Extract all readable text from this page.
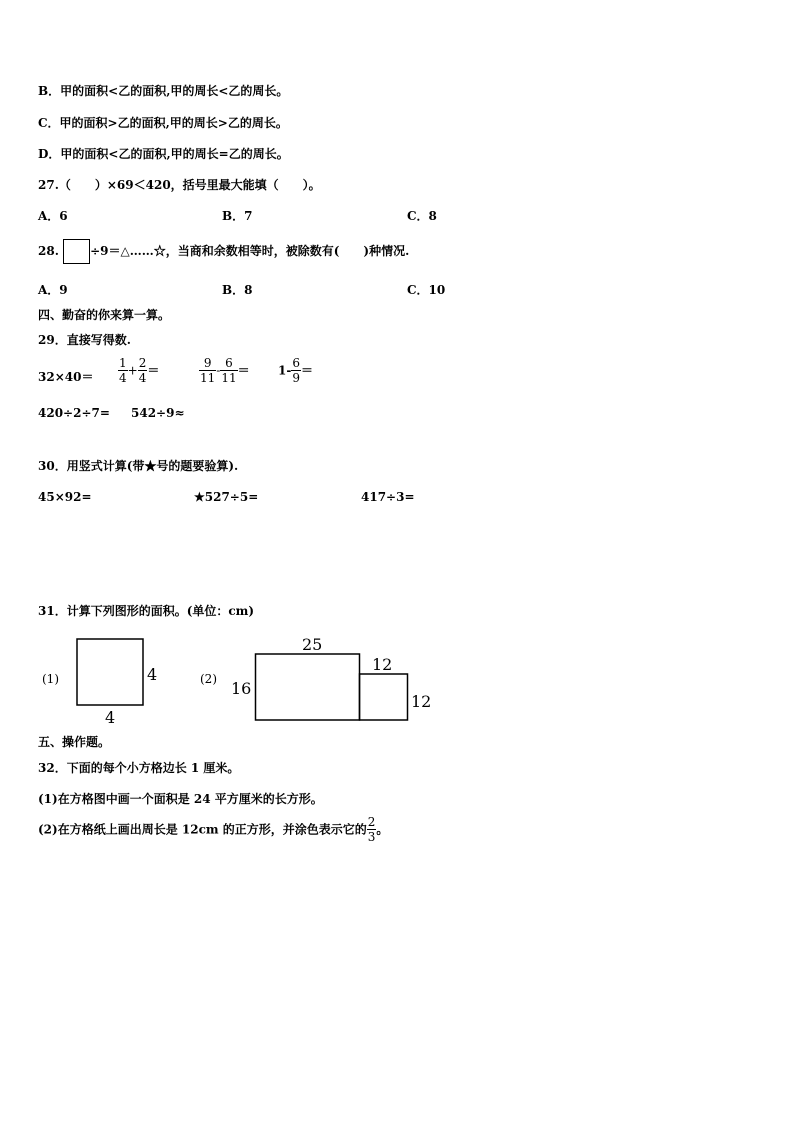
B．甲的面积<乙的面积,甲的周长<乙的周长。
C．甲的面积>乙的面积,甲的周长>乙的周长。
D．甲的面积<乙的面积,甲的周长=乙的周长。
27.（　　）×69＜420，括号里最大能填（　　）。
A．6	B．7	C．8
28.	÷9＝△……☆，当商和余数相等时，被除数有(　　)种情况.
A．9	B．8	C．10
四、勤奋的你来算一算。
29．直接写得数.
$32\times 40= \frac{1}{4} + \frac{2}{4}$ ＝	$\frac{9}{11} - \frac{6}{11} = 1- \frac{6}{9}$ ＝
420÷2÷7= 542÷9≈
30．用竖式计算(带★号的题要验算).
45×92=	★527÷5=	417÷3=
31．计算下列图形的面积。(单位：cm)
(1)	4
4
(2)
25
16
12
12
五、操作题。
32．下面的每个小方格边长 1 厘米。
(1)在方格图中画一个面积是 24 平方厘米的长方形。
(2)在方格纸上画出周长是 12cm 的正方形，并涂色表示它的 $\frac{2}{3}$ 。
